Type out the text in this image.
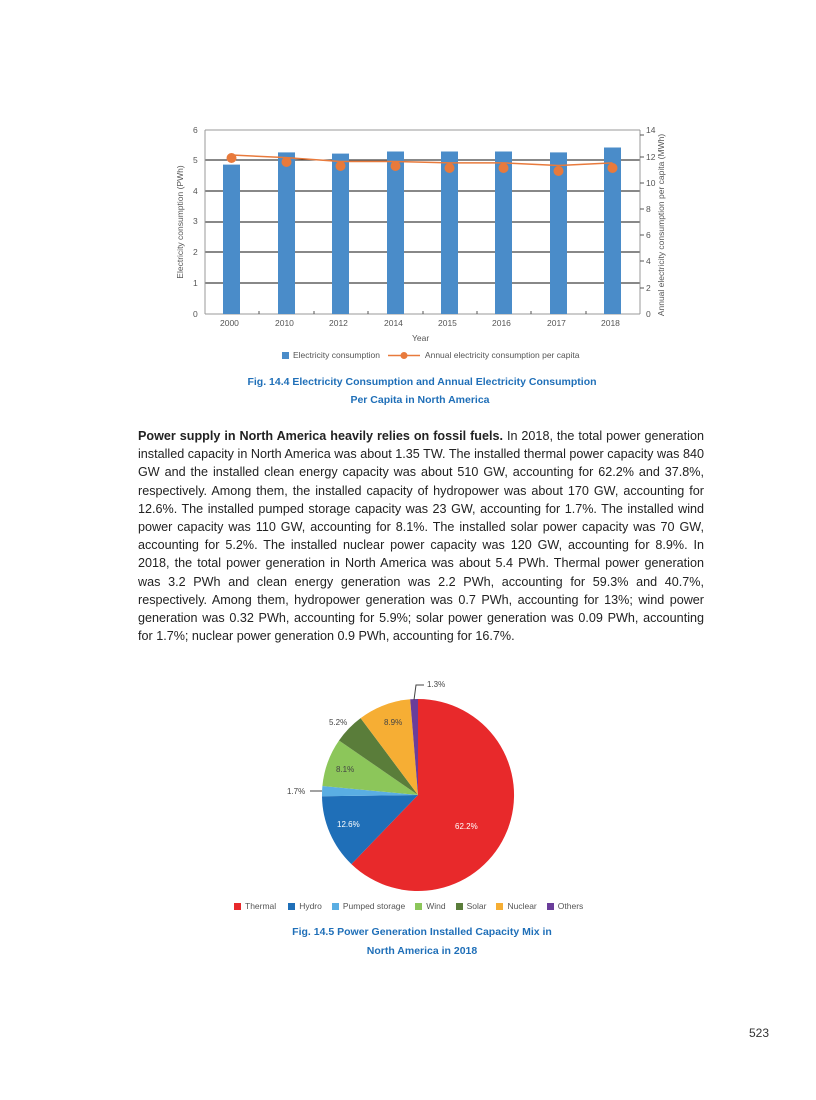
0
1
2
3
4
5
6
0
2
4
6
8
10
12
14
2000	2010	2012	2014	2015	2016	2017	2018
Electricity consumption (PWh)	Annual electricity consumption per capita (MWh)
Year
Electricity consumption	Annual electricity consumption per capita
Fig. 14.4 Electricity Consumption and Annual Electricity Consumption
Per Capita in North America
Power supply in North America heavily relies on fossil fuels. In 2018, the total power generation installed capacity in North America was about 1.35 TW. The installed thermal power capacity was 840 GW and the installed clean energy capacity was about 510 GW, accounting for 62.2% and 37.8%, respectively. Among them, the installed capacity of hydropower was about 170 GW, accounting for 12.6%. The installed pumped storage capacity was 23 GW, accounting for 1.7%. The installed wind power capacity was 110 GW, accounting for 8.1%. The installed solar power capacity was 70 GW, accounting for 5.2%. The installed nuclear power capacity was 120 GW, accounting for 8.9%. In 2018, the total power generation in North America was about 5.4 PWh. Thermal power generation was 3.2 PWh and clean energy generation was 2.2 PWh, accounting for 59.3% and 40.7%, respectively. Among them, hydropower generation was 0.7 PWh, accounting for 13%; wind power generation was 0.32 PWh, accounting for 5.9%; solar power generation was 0.09 PWh, accounting for 1.7%; nuclear power generation 0.9 PWh, accounting for 16.7%.
1.3%
1.7%
5.2%	8.9%
8.1%
12.6%	62.2%
Thermal	Hydro Pumped storage Wind Solar Nuclear Others
Fig. 14.5 Power Generation Installed Capacity Mix in
North America in 2018
523
